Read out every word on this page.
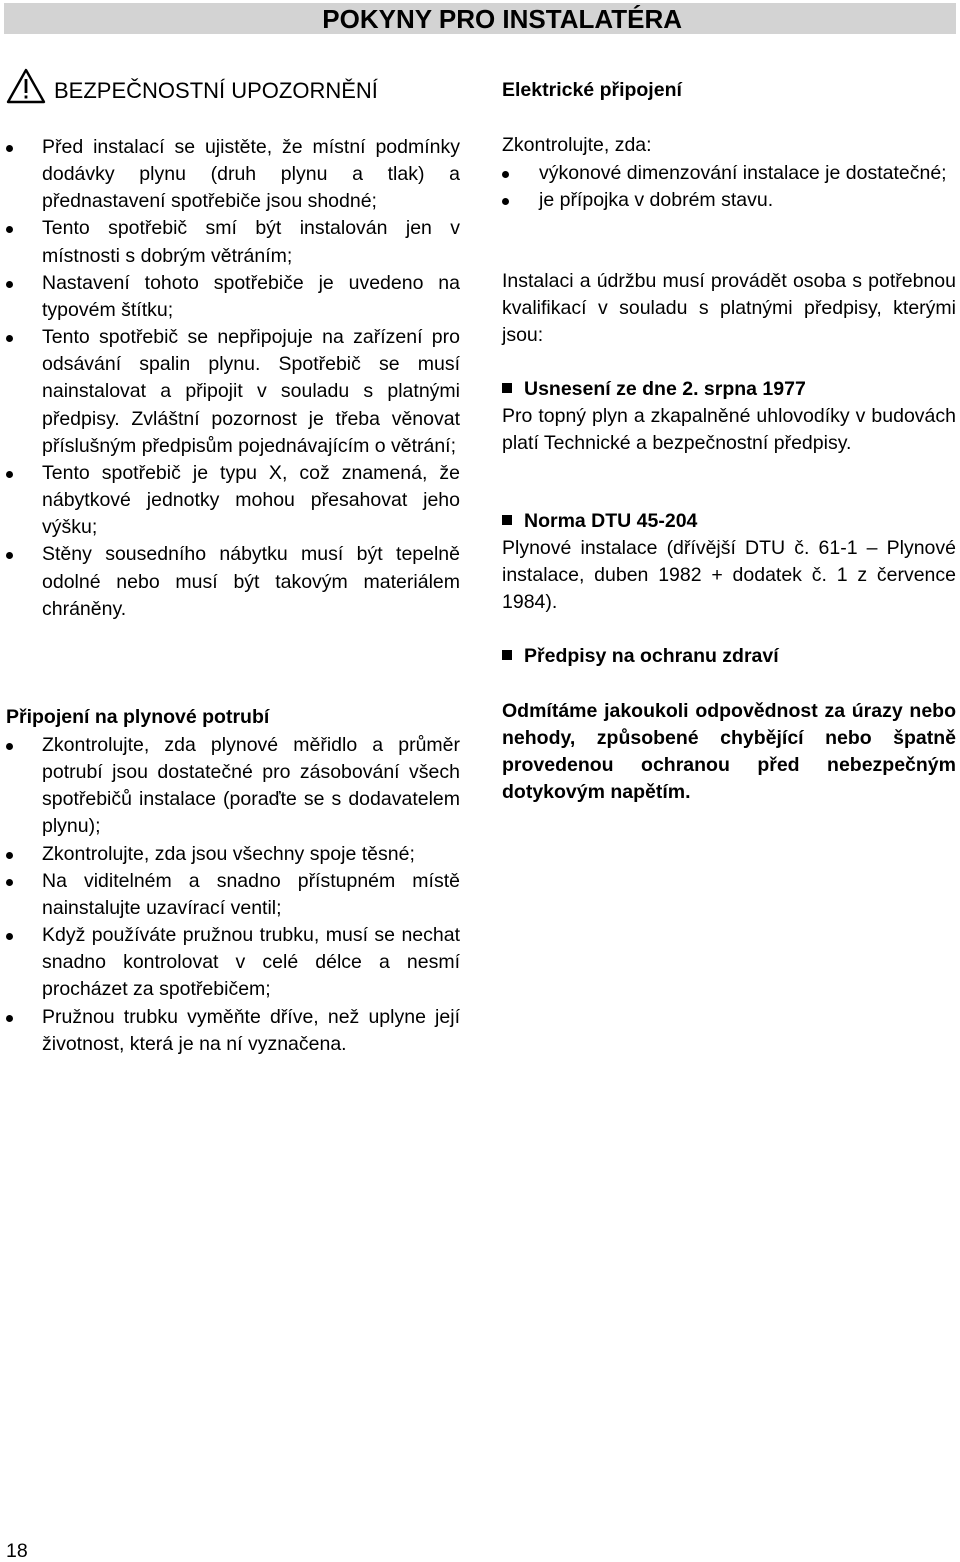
POKYNY PRO INSTALATÉRA
BEZPEČNOSTNÍ UPOZORNĚNÍ
Před instalací se ujistěte, že místní podmínky dodávky plynu (druh plynu a tlak) a přednastavení spotřebiče jsou shodné;
Tento spotřebič smí být instalován jen v místnosti s dobrým větráním;
Nastavení tohoto spotřebiče je uvedeno na typovém štítku;
Tento spotřebič se nepřipojuje na zařízení pro odsávání spalin plynu. Spotřebič se musí nainstalovat a připojit v souladu s platnými předpisy. Zvláštní pozornost je třeba věnovat příslušným předpisům pojednávajícím o větrání;
Tento spotřebič je typu X, což znamená, že nábytkové jednotky mohou přesahovat jeho výšku;
Stěny sousedního nábytku musí být tepelně odolné nebo musí být takovým materiálem chráněny.
Připojení na plynové potrubí
Zkontrolujte, zda plynové měřidlo a průměr potrubí jsou dostatečné pro zásobování všech spotřebičů instalace (poraďte se s dodavatelem plynu);
Zkontrolujte, zda jsou všechny spoje těsné;
Na viditelném a snadno přístupném místě nainstalujte uzavírací ventil;
Když používáte pružnou trubku, musí se nechat snadno kontrolovat v celé délce a nesmí procházet za spotřebičem;
Pružnou trubku vyměňte dříve, než uplyne její životnost, která je na ní vyznačena.
Elektrické připojení

Zkontrolujte, zda:

výkonové dimenzování instalace je dostatečné;
je přípojka v dobrém stavu.

Instalaci a údržbu musí provádět osoba s potřebnou kvalifikací v souladu s platnými předpisy, kterými jsou:

Usnesení ze dne 2. srpna 1977

Pro topný plyn a zkapalněné uhlovodíky v budovách platí Technické a bezpečnostní předpisy.

Norma DTU 45-204

Plynové instalace (dřívější DTU č. 61-1 – Plynové instalace, duben 1982 + dodatek č. 1 z července 1984).

Předpisy na ochranu zdraví

Odmítáme jakoukoli odpovědnost za úrazy nebo nehody, způsobené chybějící nebo špatně provedenou ochranou před nebezpečným dotykovým napětím.

18
